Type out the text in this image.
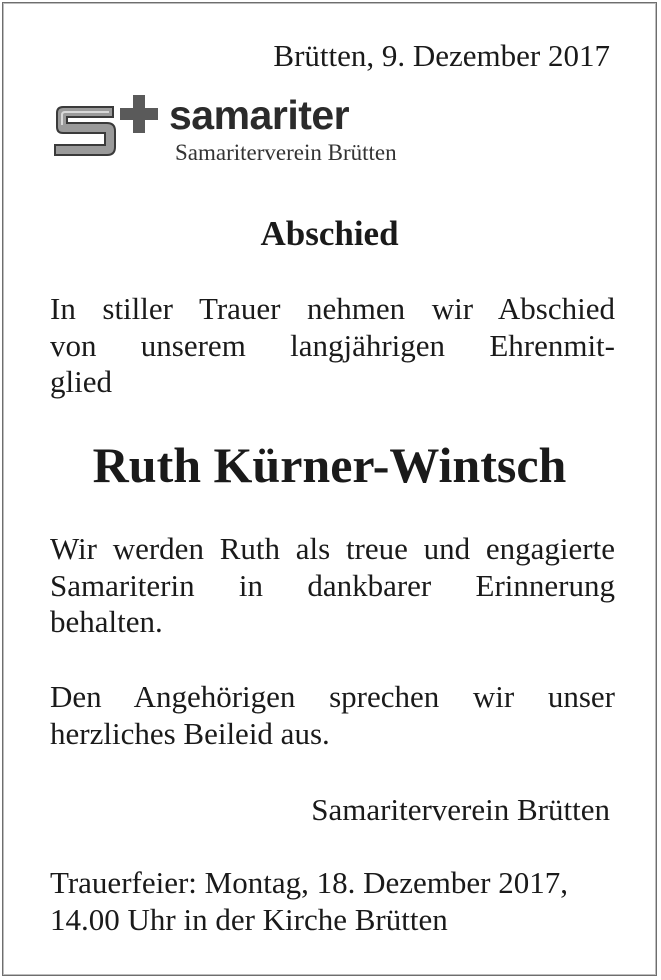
Brütten, 9. Dezember 2017
samariter
Samariterverein Brütten
Abschied
In stiller Trauer nehmen wir Abschied
von unserem langjährigen Ehrenmit-
glied
Ruth Kürner-Wintsch
Wir werden Ruth als treue und engagierte
Samariterin in dankbarer Erinnerung
behalten.
Den Angehörigen sprechen wir unser
herzliches Beileid aus.
Samariterverein Brütten
Trauerfeier: Montag, 18. Dezember 2017,
14.00 Uhr in der Kirche Brütten
